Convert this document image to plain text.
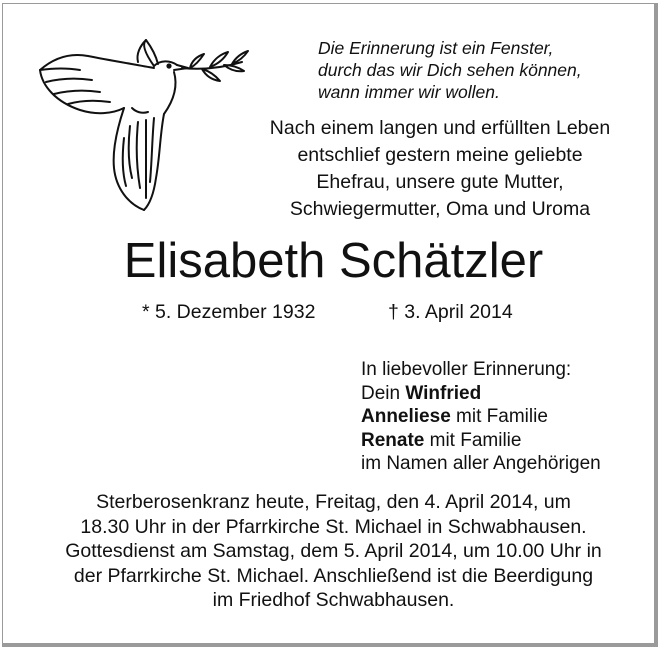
Die Erinnerung ist ein Fenster,
durch das wir Dich sehen können,
wann immer wir wollen.
Nach einem langen und erfüllten Leben
entschlief gestern meine geliebte
Ehefrau, unsere gute Mutter,
Schwiegermutter, Oma und Uroma
Elisabeth Schätzler
* 5. Dezember 1932	† 3. April 2014
In liebevoller Erinnerung:
Dein Winfried
Anneliese mit Familie
Renate mit Familie
im Namen aller Angehörigen
Sterberosenkranz heute, Freitag, den 4. April 2014, um
18.30 Uhr in der Pfarrkirche St. Michael in Schwabhausen.
Gottesdienst am Samstag, dem 5. April 2014, um 10.00 Uhr in
der Pfarrkirche St. Michael. Anschließend ist die Beerdigung
im Friedhof Schwabhausen.
